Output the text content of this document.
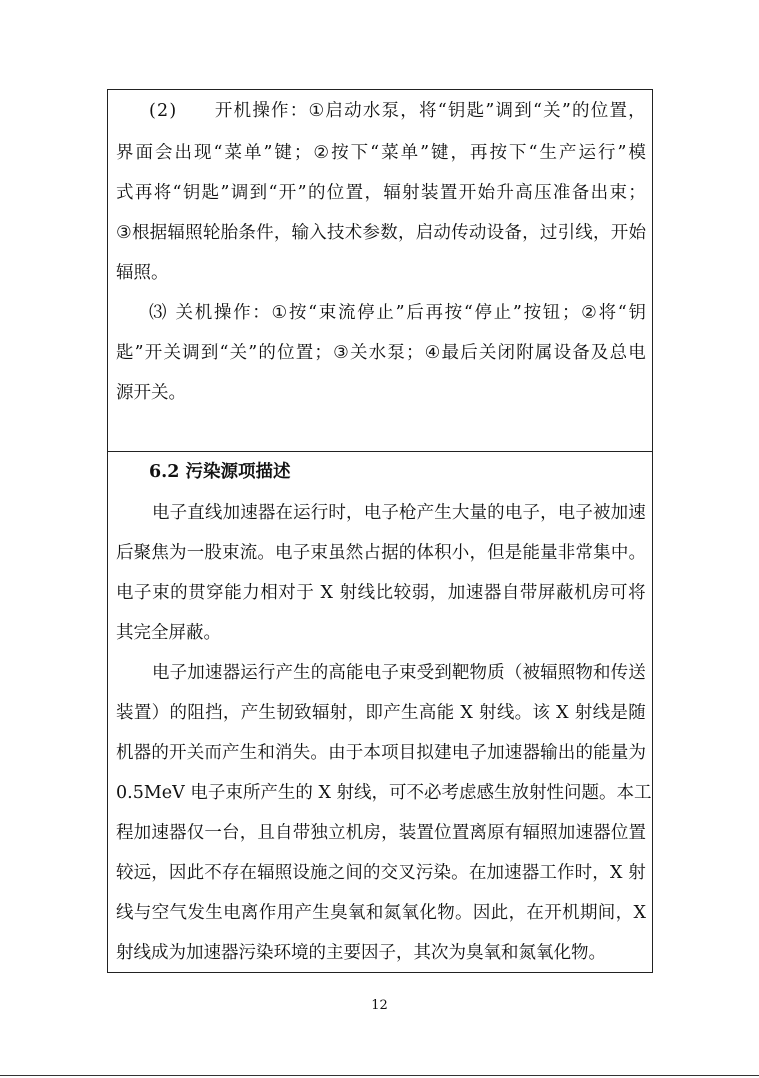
( 2 )

　 开 机 操 作 ： ① 启 动 水 泵 ， 将 “ 钥 匙 ” 调 到 “ 关 ” 的 位 置 ，
界 面 会 出 现 “ 菜 单 ” 键 ； ② 按 下 “ 菜 单 ” 键 ， 再 按 下 “ 生 产 运 行 ” 模
式 再 将 “ 钥 匙 ” 调 到 “ 开 ” 的 位 置 ， 辐 射 装 置 开 始 升 高 压 准 备 出 束 ；
③ 根 据 辐 照 轮 胎 条 件 ， 输 入 技 术 参 数 ， 启 动 传 动 设 备 ， 过 引 线 ， 开 始
辐照。
⑶
关 机 操 作 ： ① 按 “ 束 流 停 止 ” 后 再 按 “ 停 止 ” 按 钮 ； ② 将 “ 钥
匙 ” 开 关 调 到 “ 关 ” 的 位 置 ； ③ 关 水 泵 ； ④ 最 后 关 闭 附 属 设 备 及 总 电
源开关。
6.2 污染源项描述
电 子 直 线 加 速 器 在 运 行 时 ， 电 子 枪 产 生 大 量 的 电 子 ， 电 子 被 加 速
后 聚 焦 为 一 股 束 流 。 电 子 束 虽 然 占 据 的 体 积 小 ， 但 是 能 量 非 常 集 中 。
电 子 束 的 贯 穿 能 力 相 对 于
X
射 线 比 较 弱 ， 加 速 器 自 带 屏 蔽 机 房 可 将
其完全屏蔽。
电 子 加 速 器 运 行 产 生 的 高 能 电 子 束 受 到 靶 物 质 （ 被 辐 照 物 和 传 送
装 置 ） 的 阻 挡 ， 产 生 韧 致 辐 射 ， 即 产 生 高 能
X
射 线 。 该
X
射 线 是 随
机 器 的 开 关 而 产 生 和 消 失 。 由 于 本 项 目 拟 建 电 子 加 速 器 输 出 的 能 量 为
0 . 5 M e V
电 子 束 所 产 生 的
X
射 线 ， 可 不 必 考 虑 感 生 放 射 性 问 题 。 本 工
程 加 速 器 仅 一 台 ， 且 自 带 独 立 机 房 ， 装 置 位 置 离 原 有 辐 照 加 速 器 位 置
较 远 ， 因 此 不 存 在 辐 照 设 施 之 间 的 交 叉 污 染 。 在 加 速 器 工 作 时 ， X
射
线 与 空 气 发 生 电 离 作 用 产 生 臭 氧 和 氮 氧 化 物 。 因 此 ， 在 开 机 期 间 ， X
射线成为加速器污染环境的主要因子，其次为臭氧和氮氧化物。
12
